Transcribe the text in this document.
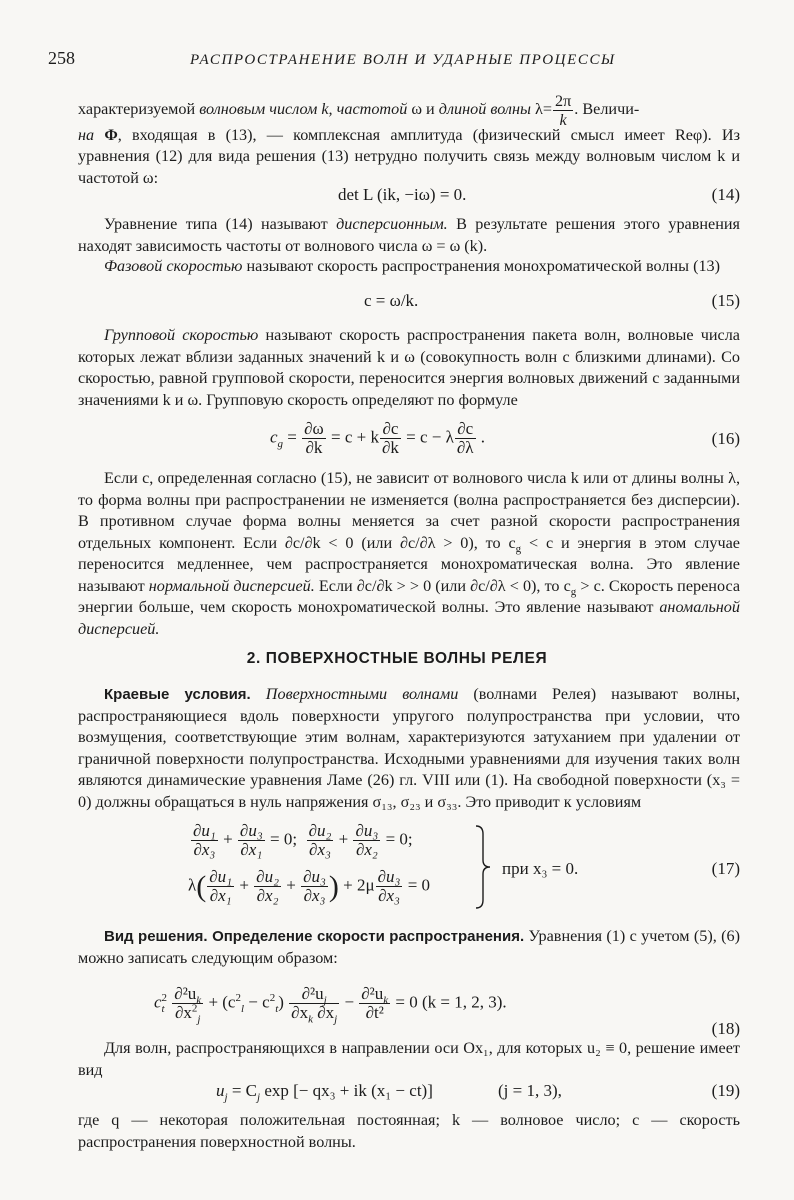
258	РАСПРОСТРАНЕНИЕ ВОЛН И УДАРНЫЕ ПРОЦЕССЫ

характеризуемой волновым числом k, частотой ω и длиной волны $\lambda= \frac{2\pi}{k}$ . Величи-

на Φ, входящая в (13), — комплексная амплитуда (физический смысл имеет Reφ). Из уравнения (12) для вида решения (13) нетрудно получить связь между волновым числом k и частотой ω:

det L (ik, −iω) = 0.	(14)

Уравнение типа (14) называют дисперсионным. В результате решения этого уравнения находят зависимость частоты от волнового числа ω = ω (k).

Фазовой скоростью называют скорость распространения монохроматической волны (13)

c = ω/k.	(15)

Групповой скоростью называют скорость распространения пакета волн, волновые числа которых лежат вблизи заданных значений k и ω (совокупность волн с близкими длинами). Со скоростью, равной групповой скорости, переносится энергия волновых движений с заданными значениями k и ω. Групповую скорость определяют по формуле

$c_g = \frac{\partial\omega}{\partial k} = c + k \frac{\partial c}{\partial k} = c - \lambda \frac{\partial c}{\partial\lambda}$ .	(16)

Если c, определенная согласно (15), не зависит от волнового числа k или от длины волны λ, то форма волны при распространении не изменяется (волна распространяется без дисперсии). В противном случае форма волны меняется за счет разной скорости распространения отдельных компонент. Если ∂c/∂k < 0 (или ∂c/∂λ > 0), то $c_g < c$ и энергия в этом случае переносится медленнее, чем распространяется монохроматическая волна. Это явление называют нормальной дисперсией. Если ∂c/∂k > > 0 (или ∂c/∂λ < 0), то $c_g > c$. Скорость переноса энергии больше, чем скорость монохроматической волны. Это явление называют аномальной дисперсией.

2. ПОВЕРХНОСТНЫЕ ВОЛНЫ РЕЛЕЯ

Краевые условия. Поверхностными волнами (волнами Релея) называют волны, распространяющиеся вдоль поверхности упругого полупространства при условии, что возмущения, соответствующие этим волнам, характеризуются затуханием при удалении от граничной поверхности полупространства. Исходными уравнениями для изучения таких волн являются динамические уравнения Ламе (26) гл. VIII или (1). На свободной поверхности (x₃ = 0) должны обращаться в нуль напряжения σ₁₃, σ₂₃ и σ₃₃. Это приводит к условиям

$\frac{\text{∂u₁}}{\text{∂x₃}} + \frac{\text{∂u₃}}{\text{∂x₁}} = 0$; $\frac{\text{∂u₂}}{\text{∂x₃}} + \frac{\text{∂u₃}}{\text{∂x₂}} = 0$;
$\lambda( \frac{\text{∂u₁}}{\text{∂x₁}} + \frac{\text{∂u₂}}{\text{∂x₂}} + \frac{\text{∂u₃}}{\text{∂x₃}}$ ) + $2\mu \frac{\text{∂u₃}}{\text{∂x₃}} = 0$
при x₃ = 0.	(17)

Вид решения. Определение скорости распространения. Уравнения (1) с учетом (5), (6) можно записать следующим образом:

c 2
t
$\frac{\partial^2u_k}{\partial x^2_j} + (c^2_l - c^2_t) \frac{\partial^2u_j}{\partial x_k \partial x_j} - \frac{\partial^2u_k}{\text{∂t²}} = 0$ (k = 1, 2, 3).
(18)

Для волн, распространяющихся в направлении оси Ox₁, для которых u₂ ≡ 0, решение имеет вид

$u_j = C_j$ exp [− qx₃ + ik (x₁ − ct)]	(j = 1, 3),	(19)

где q — некоторая положительная постоянная; k — волновое число; c — скорость распространения поверхностной волны.
